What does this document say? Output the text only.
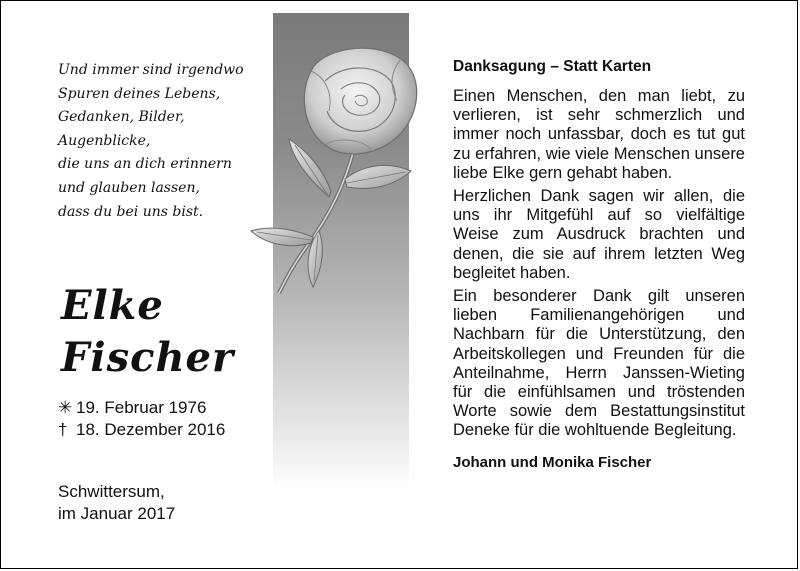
Und immer sind irgendwo
Spuren deines Lebens,
Gedanken, Bilder,
Augenblicke,
die uns an dich erinnern
und glauben lassen,
dass du bei uns bist.
Elke
Fischer
✳ 19. Februar 1976
† 18. Dezember 2016
Schwittersum,
im Januar 2017
Danksagung – Statt Karten

Einen Menschen, den man liebt, zu verlieren, ist sehr schmerzlich und immer noch unfassbar, doch es tut gut zu erfahren, wie viele Menschen unsere liebe Elke gern gehabt haben.

Herzlichen Dank sagen wir allen, die uns ihr Mitgefühl auf so vielfältige Weise zum Ausdruck brachten und denen, die sie auf ihrem letzten Weg begleitet haben.

Ein besonderer Dank gilt unseren lieben Familienangehörigen und Nachbarn für die Unterstützung, den Arbeitskollegen und Freunden für die Anteilnahme, Herrn Janssen-Wieting für die einfühlsamen und tröstenden Worte sowie dem Bestattungsinstitut Deneke für die wohltuende Begleitung.

Johann und Monika Fischer
